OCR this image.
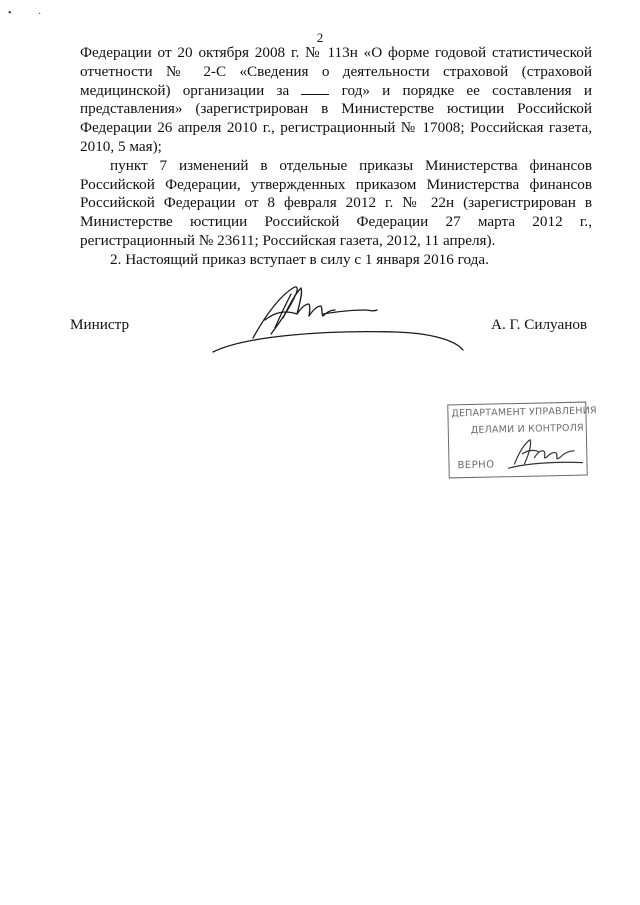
•	·
2

Федерации от 20 октября 2008 г. № 113н «О форме годовой статистической отчетности № 2-С «Сведения о деятельности страховой (страховой медицинской) организации за  год» и порядке ее составления и представления» (зарегистрирован в Министерстве юстиции Российской Федерации 26 апреля 2010 г., регистрационный № 17008; Российская газета, 2010, 5 мая);

пункт 7 изменений в отдельные приказы Министерства финансов Российской Федерации, утвержденных приказом Министерства финансов Российской Федерации от 8 февраля 2012 г. № 22н (зарегистрирован в Министерстве юстиции Российской Федерации 27 марта 2012 г., регистрационный № 23611; Российская газета, 2012, 11 апреля).

2. Настоящий приказ вступает в силу с 1 января 2016 года.

Министр	А. Г. Силуанов
ДЕПАРТАМЕНТ УПРАВЛЕНИЯ
ДЕЛАМИ И КОНТРОЛЯ
ВЕРНО
